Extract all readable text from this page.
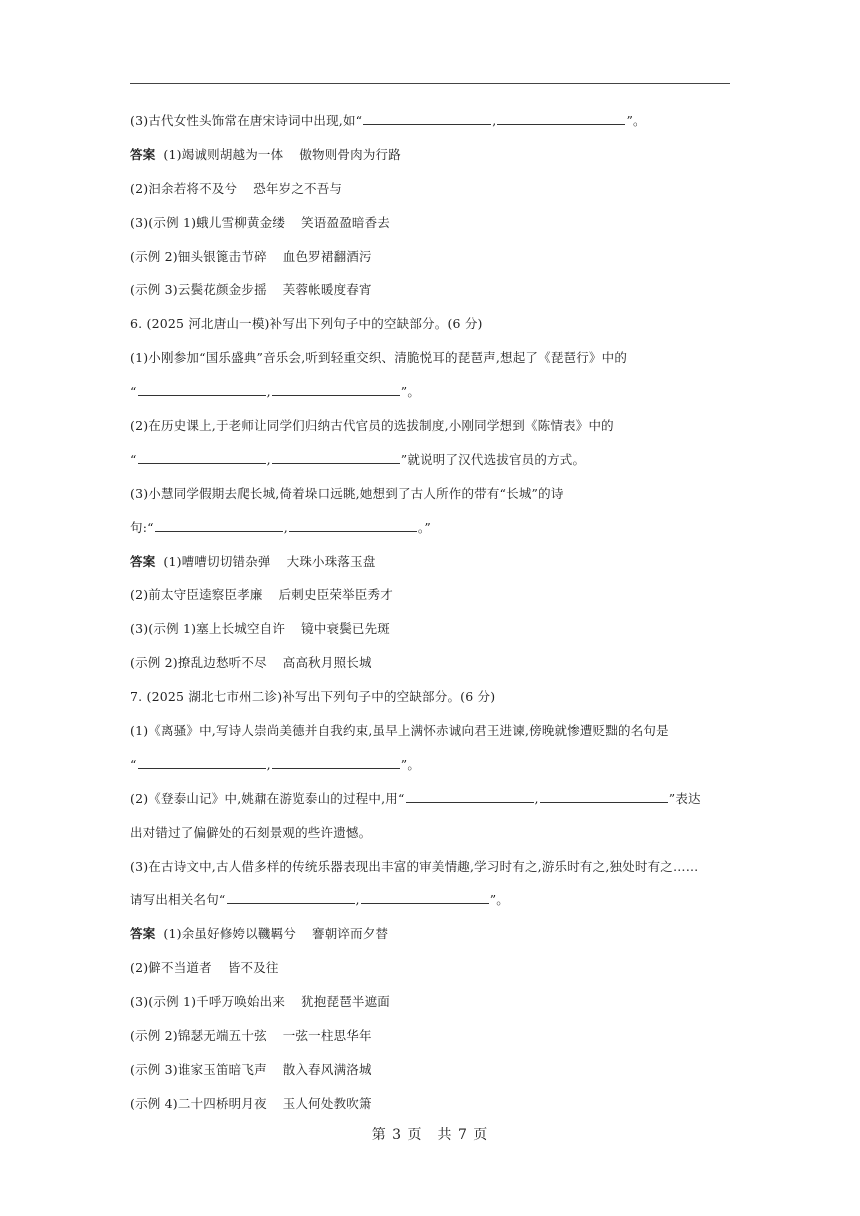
(3)古代女性头饰常在唐宋诗词中出现,如“	,	”。
答案 (1)竭诚则胡越为一体 傲物则骨肉为行路
(2)汩余若将不及兮 恐年岁之不吾与
(3)(示例 1)蛾儿雪柳黄金缕 笑语盈盈暗香去
(示例 2)钿头银篦击节碎 血色罗裙翻酒污
(示例 3)云鬓花颜金步摇 芙蓉帐暖度春宵
6. (2025 河北唐山一模)补写出下列句子中的空缺部分。(6 分)
(1)小刚参加“国乐盛典”音乐会,听到轻重交织、清脆悦耳的琵琶声,想起了《琵琶行》中的
“	,	”。
(2)在历史课上,于老师让同学们归纳古代官员的选拔制度,小刚同学想到《陈情表》中的
“	,	”就说明了汉代选拔官员的方式。
(3)小慧同学假期去爬长城,倚着垛口远眺,她想到了古人所作的带有“长城”的诗
句:“	,	。”
答案 (1)嘈嘈切切错杂弹 大珠小珠落玉盘
(2)前太守臣逵察臣孝廉 后刺史臣荣举臣秀才
(3)(示例 1)塞上长城空自许 镜中衰鬓已先斑
(示例 2)撩乱边愁听不尽 高高秋月照长城
7. (2025 湖北七市州二诊)补写出下列句子中的空缺部分。(6 分)
(1)《离骚》中,写诗人崇尚美德并自我约束,虽早上满怀赤诚向君王进谏,傍晚就惨遭贬黜的名句是
“	,	”。
(2)《登泰山记》中,姚鼐在游览泰山的过程中,用“	,	”表达
出对错过了偏僻处的石刻景观的些许遗憾。
(3)在古诗文中,古人借多样的传统乐器表现出丰富的审美情趣,学习时有之,游乐时有之,独处时有之……
请写出相关名句“	,	”。
答案 (1)余虽好修姱以鞿羁兮 謇朝谇而夕替
(2)僻不当道者 皆不及往
(3)(示例 1)千呼万唤始出来 犹抱琵琶半遮面
(示例 2)锦瑟无端五十弦 一弦一柱思华年
(示例 3)谁家玉笛暗飞声 散入春风满洛城
(示例 4)二十四桥明月夜 玉人何处教吹箫
第 3 页　共 7 页
